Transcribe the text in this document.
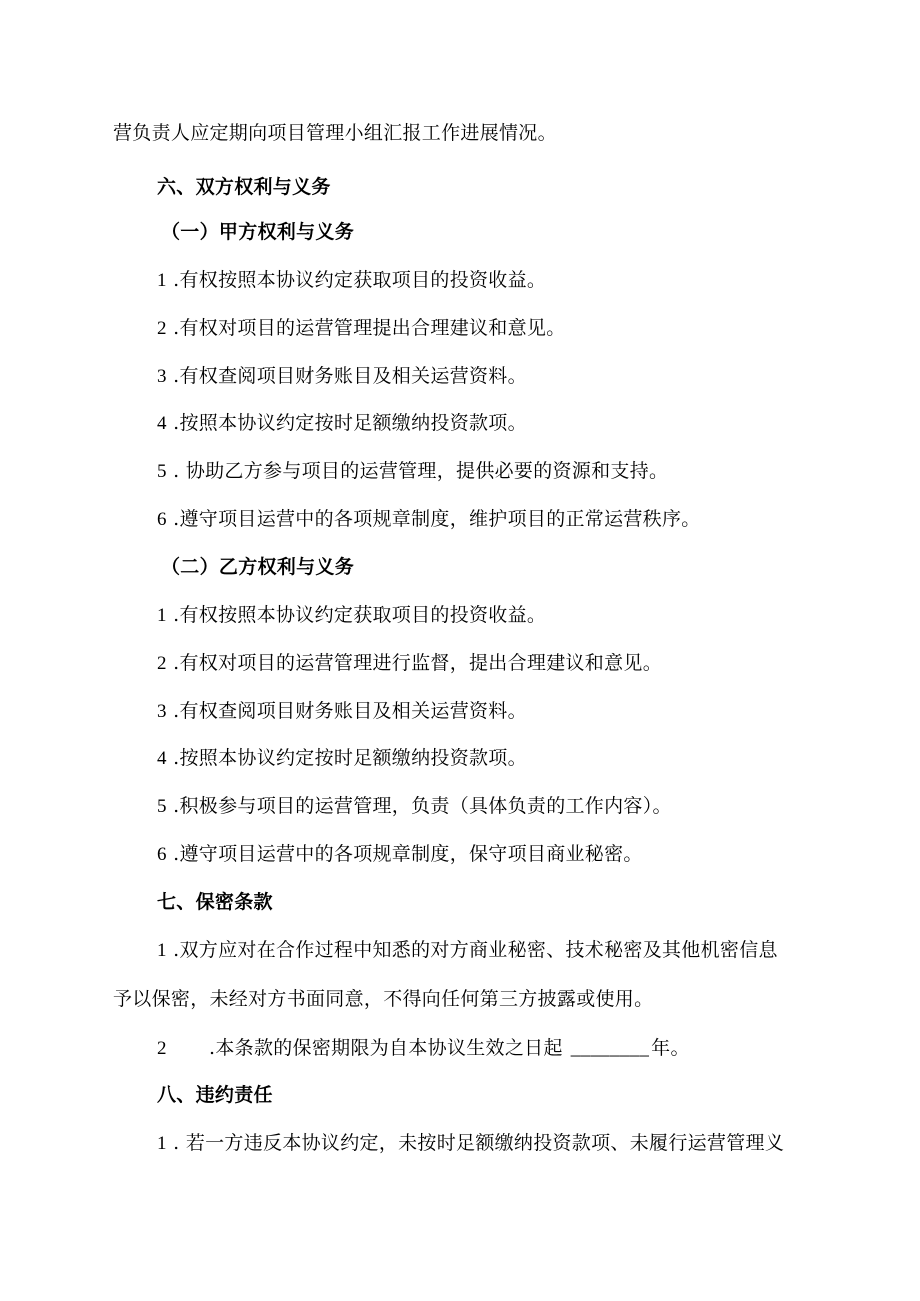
营负责人应定期向项目管理小组汇报工作进展情况。
六、双方权利与义务
（一）甲方权利与义务
1 .有权按照本协议约定获取项目的投资收益。
2 .有权对项目的运营管理提出合理建议和意见。
3 .有权查阅项目财务账目及相关运营资料。
4 .按照本协议约定按时足额缴纳投资款项。
5 . 协助乙方参与项目的运营管理，提供必要的资源和支持。
6 .遵守项目运营中的各项规章制度，维护项目的正常运营秩序。
（二）乙方权利与义务
1 .有权按照本协议约定获取项目的投资收益。
2 .有权对项目的运营管理进行监督，提出合理建议和意见。
3 .有权查阅项目财务账目及相关运营资料。
4 .按照本协议约定按时足额缴纳投资款项。
5 .积极参与项目的运营管理，负责（具体负责的工作内容）。
6 .遵守项目运营中的各项规章制度，保守项目商业秘密。
七、保密条款
1 .双方应对在合作过程中知悉的对方商业秘密、技术秘密及其他机密信息
予以保密，未经对方书面同意，不得向任何第三方披露或使用。
2 .本条款的保密期限为自本协议生效之日起 ________ 年。
八、违约责任
1 . 若一方违反本协议约定，未按时足额缴纳投资款项、未履行运营管理义
